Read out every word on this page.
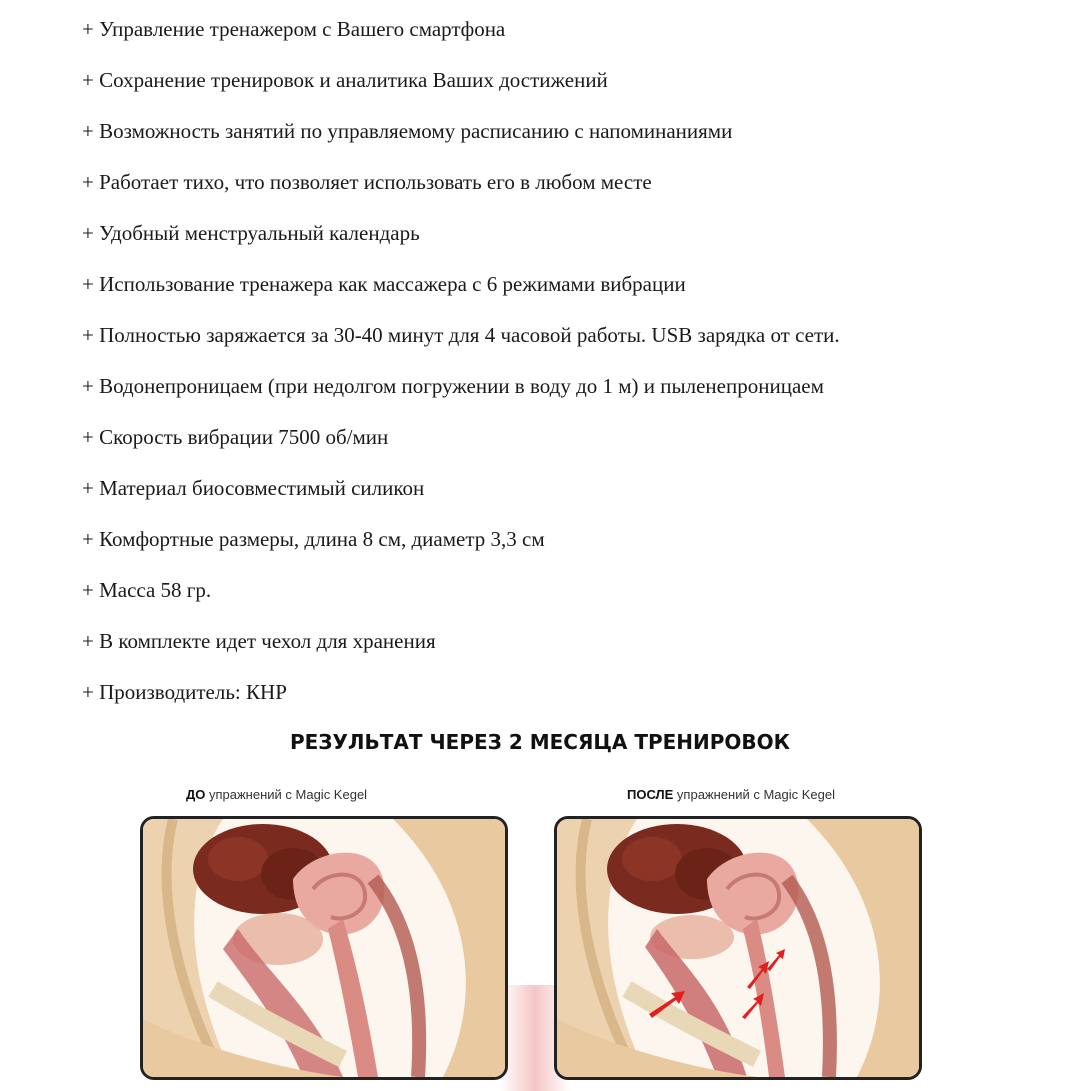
+ Управление тренажером с Вашего смартфона
+ Сохранение тренировок и аналитика Ваших достижений
+ Возможность занятий по управляемому расписанию с напоминаниями
+ Работает тихо, что позволяет использовать его в любом месте
+ Удобный менструальный календарь
+ Использование тренажера как массажера с 6 режимами вибрации
+ Полностью заряжается за 30-40 минут для 4 часовой работы. USB зарядка от сети.
+ Водонепроницаем (при недолгом погружении в воду до 1 м) и пыленепроницаем
+ Скорость вибрации 7500 об/мин
+ Материал биосовместимый силикон
+ Комфортные размеры, длина 8 см, диаметр 3,3 см
+ Масса 58 гр.
+ В комплекте идет чехол для хранения
+ Производитель: КНР
РЕЗУЛЬТАТ ЧЕРЕЗ 2 МЕСЯЦА ТРЕНИРОВОК
ДО упражнений с Magic Kegel	ПОСЛЕ упражнений с Magic Kegel
